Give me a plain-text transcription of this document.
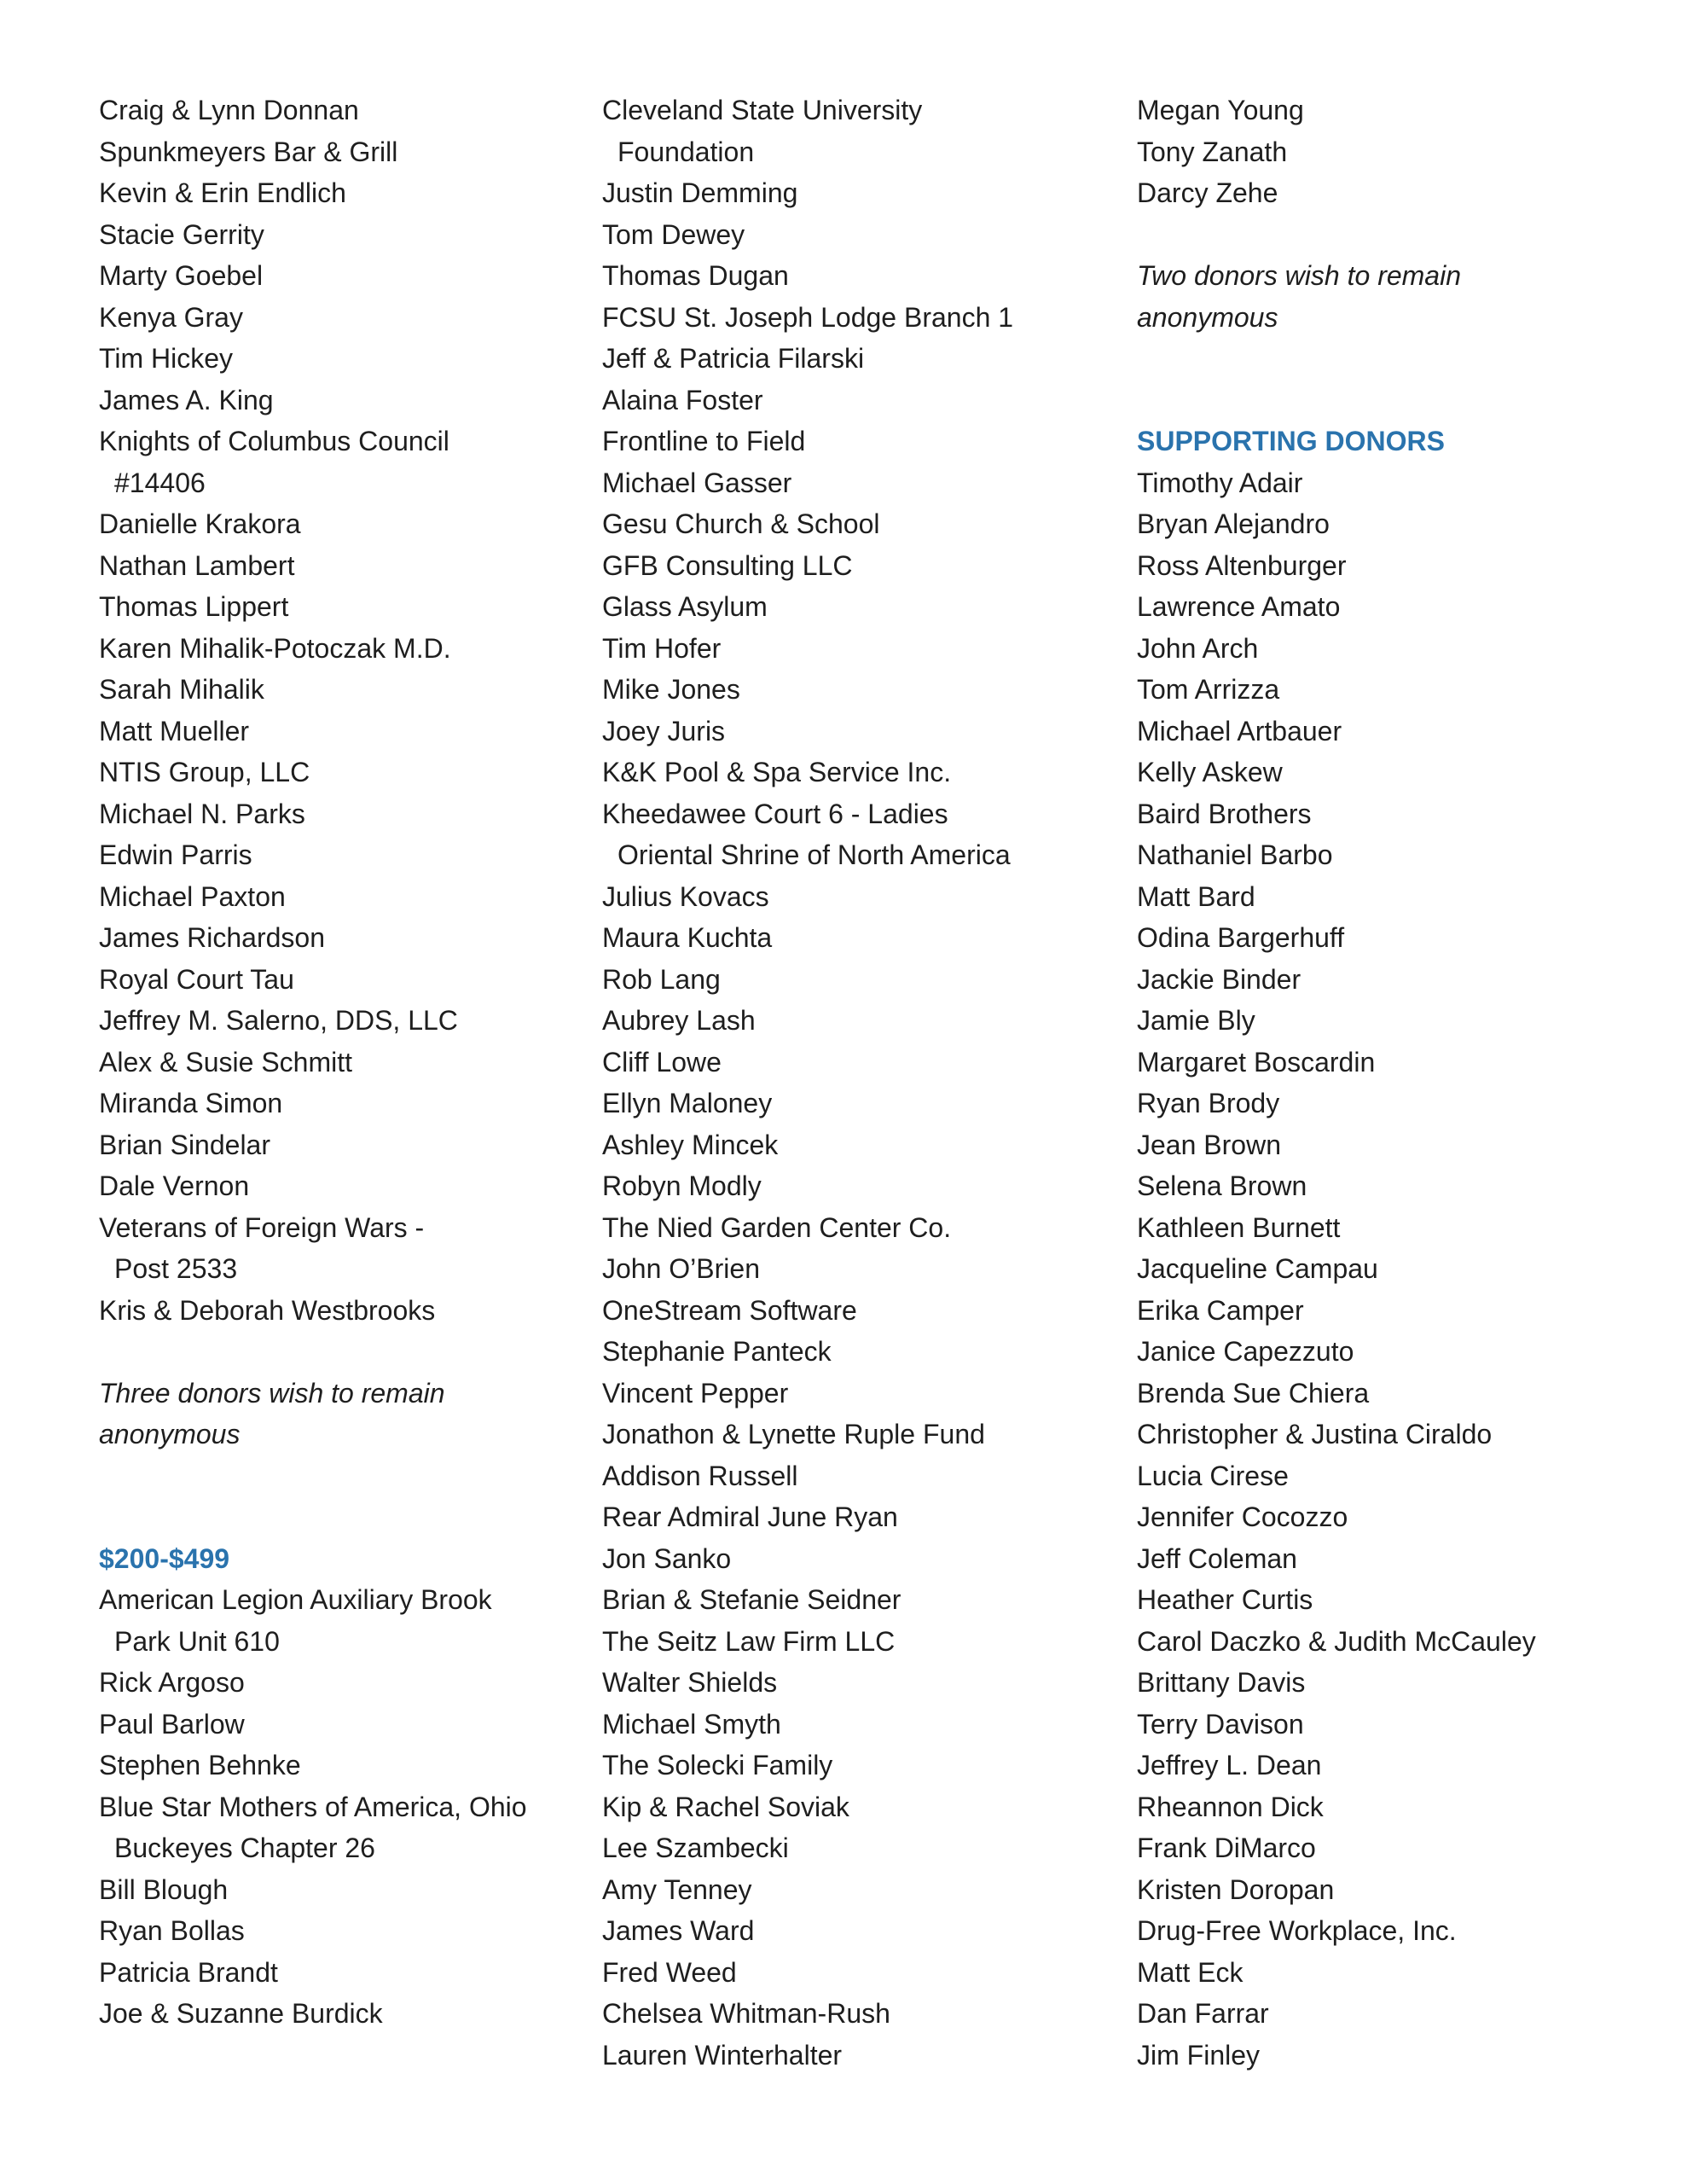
Craig & Lynn Donnan
Spunkmeyers Bar & Grill
Kevin & Erin Endlich
Stacie Gerrity
Marty Goebel
Kenya Gray
Tim Hickey
James A. King
Knights of Columbus Council
#14406
Danielle Krakora
Nathan Lambert
Thomas Lippert
Karen Mihalik-Potoczak M.D.
Sarah Mihalik
Matt Mueller
NTIS Group, LLC
Michael N. Parks
Edwin Parris
Michael Paxton
James Richardson
Royal Court Tau
Jeffrey M. Salerno, DDS, LLC
Alex & Susie Schmitt
Miranda Simon
Brian Sindelar
Dale Vernon
Veterans of Foreign Wars -
Post 2533
Kris & Deborah Westbrooks
Three donors wish to remain
anonymous
$200-$499
American Legion Auxiliary Brook
Park Unit 610
Rick Argoso
Paul Barlow
Stephen Behnke
Blue Star Mothers of America, Ohio
Buckeyes Chapter 26
Bill Blough
Ryan Bollas
Patricia Brandt
Joe & Suzanne Burdick
Cleveland State University
Foundation
Justin Demming
Tom Dewey
Thomas Dugan
FCSU St. Joseph Lodge Branch 1
Jeff & Patricia Filarski
Alaina Foster
Frontline to Field
Michael Gasser
Gesu Church & School
GFB Consulting LLC
Glass Asylum
Tim Hofer
Mike Jones
Joey Juris
K&K Pool & Spa Service Inc.
Kheedawee Court 6 - Ladies
Oriental Shrine of North America
Julius Kovacs
Maura Kuchta
Rob Lang
Aubrey Lash
Cliff Lowe
Ellyn Maloney
Ashley Mincek
Robyn Modly
The Nied Garden Center Co.
John O’Brien
OneStream Software
Stephanie Panteck
Vincent Pepper
Jonathon & Lynette Ruple Fund
Addison Russell
Rear Admiral June Ryan
Jon Sanko
Brian & Stefanie Seidner
The Seitz Law Firm LLC
Walter Shields
Michael Smyth
The Solecki Family
Kip & Rachel Soviak
Lee Szambecki
Amy Tenney
James Ward
Fred Weed
Chelsea Whitman-Rush
Lauren Winterhalter
Megan Young
Tony Zanath
Darcy Zehe
Two donors wish to remain
anonymous
SUPPORTING DONORS
Timothy Adair
Bryan Alejandro
Ross Altenburger
Lawrence Amato
John Arch
Tom Arrizza
Michael Artbauer
Kelly Askew
Baird Brothers
Nathaniel Barbo
Matt Bard
Odina Bargerhuff
Jackie Binder
Jamie Bly
Margaret Boscardin
Ryan Brody
Jean Brown
Selena Brown
Kathleen Burnett
Jacqueline Campau
Erika Camper
Janice Capezzuto
Brenda Sue Chiera
Christopher & Justina Ciraldo
Lucia Cirese
Jennifer Cocozzo
Jeff Coleman
Heather Curtis
Carol Daczko & Judith McCauley
Brittany Davis
Terry Davison
Jeffrey L. Dean
Rheannon Dick
Frank DiMarco
Kristen Doropan
Drug-Free Workplace, Inc.
Matt Eck
Dan Farrar
Jim Finley
